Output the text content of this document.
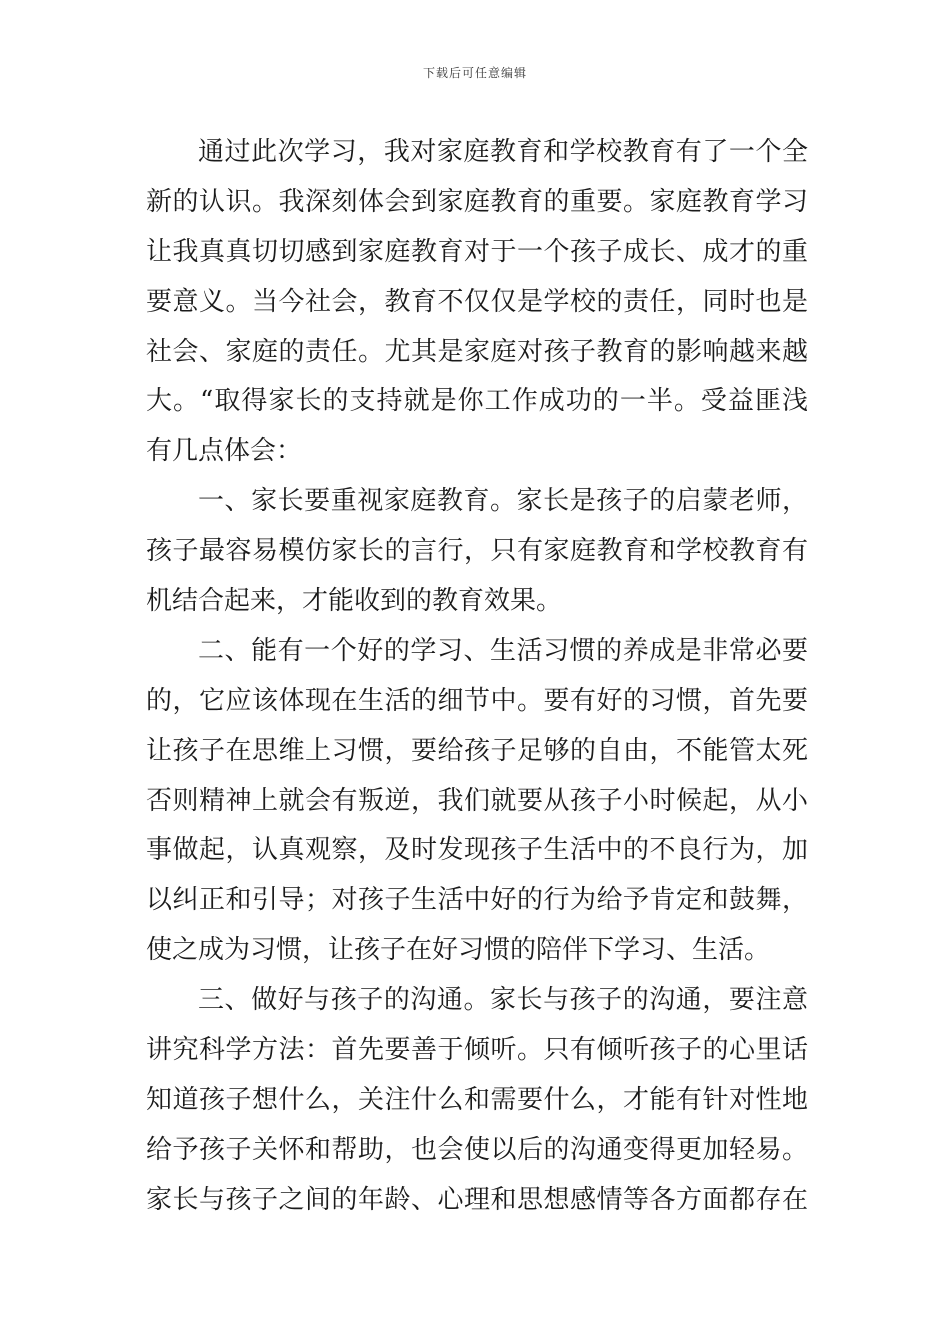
下载后可任意编辑
通过此次学习，我对家庭教育和学校教育有了一个全
新的认识。我深刻体会到家庭教育的重要。家庭教育学习
让我真真切切感到家庭教育对于一个孩子成长、成才的重
要意义。当今社会，教育不仅仅是学校的责任，同时也是
社会、家庭的责任。尤其是家庭对孩子教育的影响越来越
大。“取得家长的支持就是你工作成功的一半。受益匪浅
有几点体会：
一、家长要重视家庭教育。家长是孩子的启蒙老师，
孩子最容易模仿家长的言行，只有家庭教育和学校教育有
机结合起来，才能收到的教育效果。
二、能有一个好的学习、生活习惯的养成是非常必要
的，它应该体现在生活的细节中。要有好的习惯，首先要
让孩子在思维上习惯，要给孩子足够的自由，不能管太死
否则精神上就会有叛逆，我们就要从孩子小时候起，从小
事做起，认真观察，及时发现孩子生活中的不良行为，加
以纠正和引导；对孩子生活中好的行为给予肯定和鼓舞，
使之成为习惯，让孩子在好习惯的陪伴下学习、生活。
三、做好与孩子的沟通。家长与孩子的沟通，要注意
讲究科学方法：首先要善于倾听。只有倾听孩子的心里话
知道孩子想什么，关注什么和需要什么，才能有针对性地
给予孩子关怀和帮助，也会使以后的沟通变得更加轻易。
家长与孩子之间的年龄、心理和思想感情等各方面都存在
